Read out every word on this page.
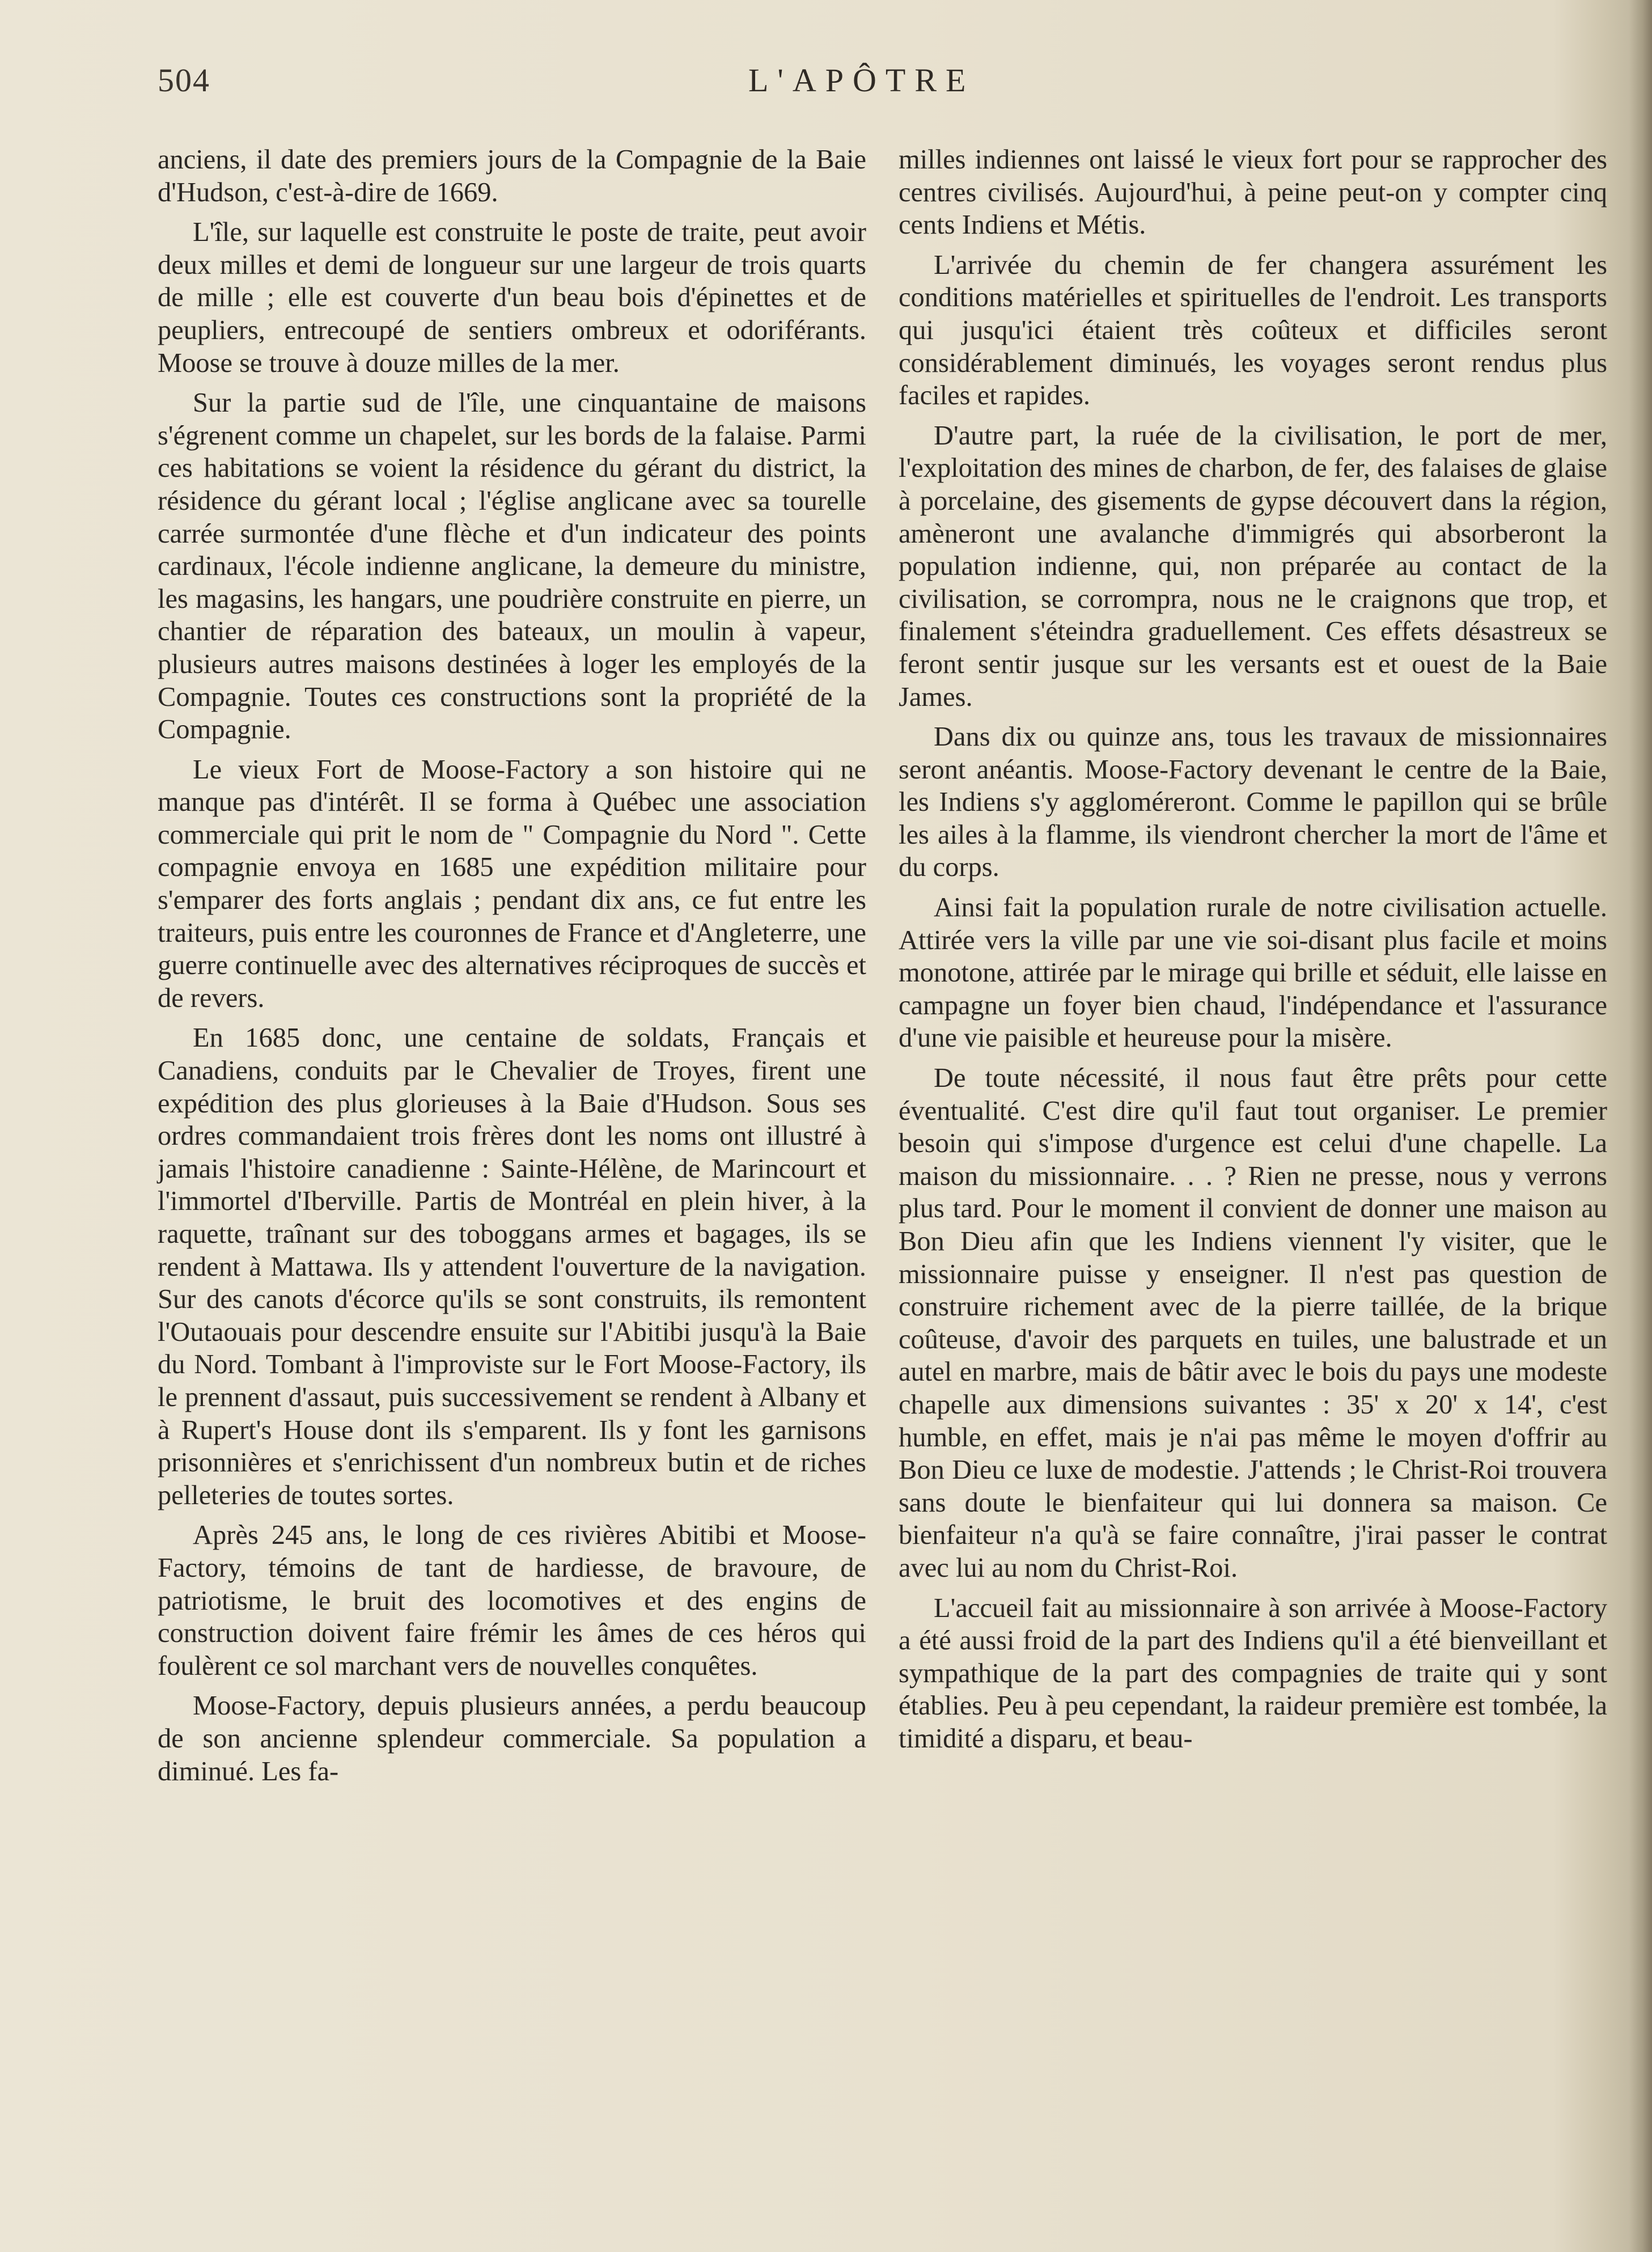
504	L'APÔTRE

anciens, il date des premiers jours de la Compagnie de la Baie d'Hudson, c'est-à-dire de 1669.

L'île, sur laquelle est construite le poste de traite, peut avoir deux milles et demi de longueur sur une largeur de trois quarts de mille ; elle est couverte d'un beau bois d'épinettes et de peupliers, entrecoupé de sentiers ombreux et odoriférants. Moose se trouve à douze milles de la mer.

Sur la partie sud de l'île, une cinquantaine de maisons s'égrenent comme un chapelet, sur les bords de la falaise. Parmi ces habitations se voient la résidence du gérant du district, la résidence du gérant local ; l'église anglicane avec sa tourelle carrée surmontée d'une flèche et d'un indicateur des points cardinaux, l'école indienne anglicane, la demeure du ministre, les magasins, les hangars, une poudrière construite en pierre, un chantier de réparation des bateaux, un moulin à vapeur, plusieurs autres maisons destinées à loger les employés de la Compagnie. Toutes ces constructions sont la propriété de la Compagnie.

Le vieux Fort de Moose-Factory a son histoire qui ne manque pas d'intérêt. Il se forma à Québec une association commerciale qui prit le nom de " Compagnie du Nord ". Cette compagnie envoya en 1685 une expédition militaire pour s'emparer des forts anglais ; pendant dix ans, ce fut entre les traiteurs, puis entre les couronnes de France et d'Angleterre, une guerre continuelle avec des alternatives réciproques de succès et de revers.

En 1685 donc, une centaine de soldats, Français et Canadiens, conduits par le Chevalier de Troyes, firent une expédition des plus glorieuses à la Baie d'Hudson. Sous ses ordres commandaient trois frères dont les noms ont illustré à jamais l'histoire canadienne : Sainte-Hélène, de Marincourt et l'immortel d'Iberville. Partis de Montréal en plein hiver, à la raquette, traînant sur des toboggans armes et bagages, ils se rendent à Mattawa. Ils y attendent l'ouverture de la navigation. Sur des canots d'écorce qu'ils se sont construits, ils remontent l'Outaouais pour descendre ensuite sur l'Abitibi jusqu'à la Baie du Nord. Tombant à l'improviste sur le Fort Moose-Factory, ils le prennent d'assaut, puis successivement se rendent à Albany et à Rupert's House dont ils s'emparent. Ils y font les garnisons prisonnières et s'enrichissent d'un nombreux butin et de riches pelleteries de toutes sortes.

Après 245 ans, le long de ces rivières Abitibi et Moose-Factory, témoins de tant de hardiesse, de bravoure, de patriotisme, le bruit des locomotives et des engins de construction doivent faire frémir les âmes de ces héros qui foulèrent ce sol marchant vers de nouvelles conquêtes.

Moose-Factory, depuis plusieurs années, a perdu beaucoup de son ancienne splendeur commerciale. Sa population a diminué. Les fa-

milles indiennes ont laissé le vieux fort pour se rapprocher des centres civilisés. Aujourd'hui, à peine peut-on y compter cinq cents Indiens et Métis.

L'arrivée du chemin de fer changera assurément les conditions matérielles et spirituelles de l'endroit. Les transports qui jusqu'ici étaient très coûteux et difficiles seront considérablement diminués, les voyages seront rendus plus faciles et rapides.

D'autre part, la ruée de la civilisation, le port de mer, l'exploitation des mines de charbon, de fer, des falaises de glaise à porcelaine, des gisements de gypse découvert dans la région, amèneront une avalanche d'immigrés qui absorberont la population indienne, qui, non préparée au contact de la civilisation, se corrompra, nous ne le craignons que trop, et finalement s'éteindra graduellement. Ces effets désastreux se feront sentir jusque sur les versants est et ouest de la Baie James.

Dans dix ou quinze ans, tous les travaux de missionnaires seront anéantis. Moose-Factory devenant le centre de la Baie, les Indiens s'y aggloméreront. Comme le papillon qui se brûle les ailes à la flamme, ils viendront chercher la mort de l'âme et du corps.

Ainsi fait la population rurale de notre civilisation actuelle. Attirée vers la ville par une vie soi-disant plus facile et moins monotone, attirée par le mirage qui brille et séduit, elle laisse en campagne un foyer bien chaud, l'indépendance et l'assurance d'une vie paisible et heureuse pour la misère.

De toute nécessité, il nous faut être prêts pour cette éventualité. C'est dire qu'il faut tout organiser. Le premier besoin qui s'impose d'urgence est celui d'une chapelle. La maison du missionnaire. . . ? Rien ne presse, nous y verrons plus tard. Pour le moment il convient de donner une maison au Bon Dieu afin que les Indiens viennent l'y visiter, que le missionnaire puisse y enseigner. Il n'est pas question de construire richement avec de la pierre taillée, de la brique coûteuse, d'avoir des parquets en tuiles, une balustrade et un autel en marbre, mais de bâtir avec le bois du pays une modeste chapelle aux dimensions suivantes : 35' x 20' x 14', c'est humble, en effet, mais je n'ai pas même le moyen d'offrir au Bon Dieu ce luxe de modestie. J'attends ; le Christ-Roi trouvera sans doute le bienfaiteur qui lui donnera sa maison. Ce bienfaiteur n'a qu'à se faire connaître, j'irai passer le contrat avec lui au nom du Christ-Roi.

L'accueil fait au missionnaire à son arrivée à Moose-Factory a été aussi froid de la part des Indiens qu'il a été bienveillant et sympathique de la part des compagnies de traite qui y sont établies. Peu à peu cependant, la raideur première est tombée, la timidité a disparu, et beau-
